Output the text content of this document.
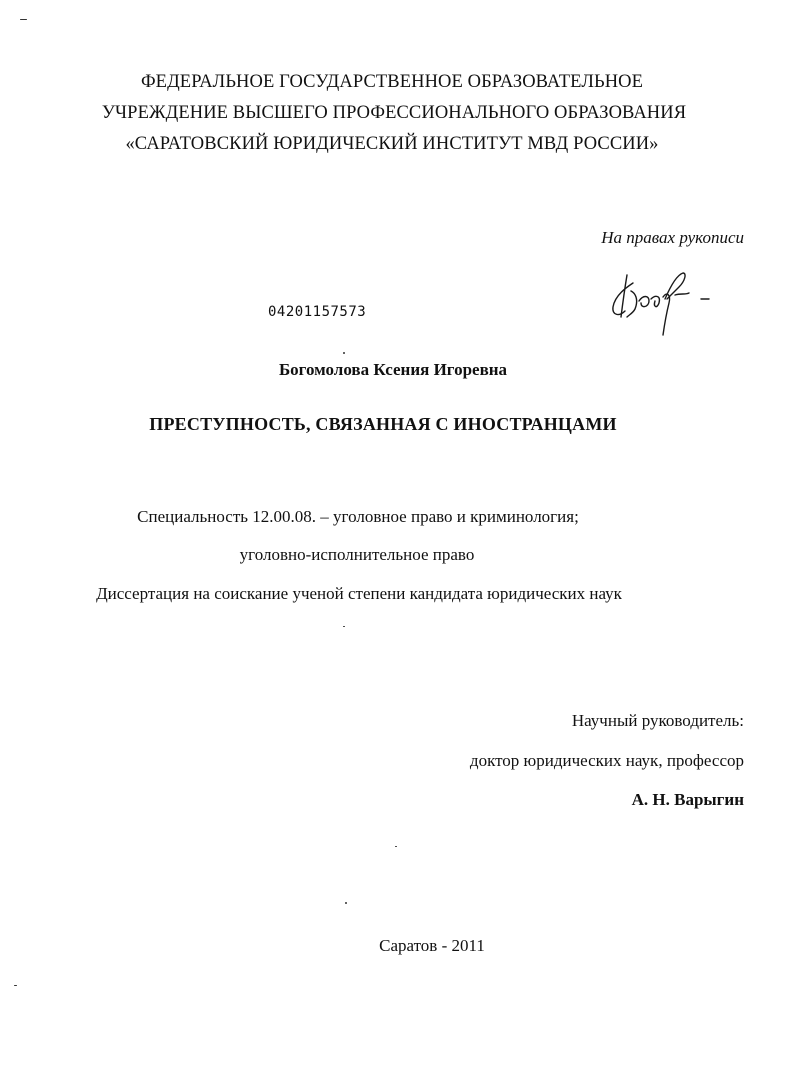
ФЕДЕРАЛЬНОЕ ГОСУДАРСТВЕННОЕ ОБРАЗОВАТЕЛЬНОЕ
УЧРЕЖДЕНИЕ ВЫСШЕГО ПРОФЕССИОНАЛЬНОГО ОБРАЗОВАНИЯ
«САРАТОВСКИЙ ЮРИДИЧЕСКИЙ ИНСТИТУТ МВД РОССИИ»
На правах рукописи
04201157573
Богомолова Ксения Игоревна
ПРЕСТУПНОСТЬ, СВЯЗАННАЯ С ИНОСТРАНЦАМИ
Специальность 12.00.08. – уголовное право и криминология;
уголовно-исполнительное право
Диссертация на соискание ученой степени кандидата юридических наук
Научный руководитель:
доктор юридических наук, профессор
А. Н. Варыгин
Саратов - 2011
